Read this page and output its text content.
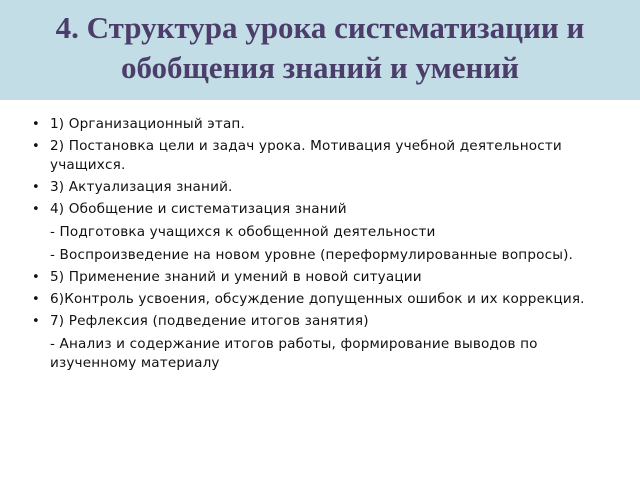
4. Структура урока систематизации и
обобщения знаний и умений
• 1) Организационный этап.
• 2) Постановка цели и задач урока. Мотивация учебной деятельности учащихся.
• 3) Актуализация знаний.
• 4) Обобщение и систематизация знаний
- Подготовка учащихся к обобщенной деятельности
- Воспроизведение на новом уровне (переформулированные вопросы).
• 5) Применение знаний и умений в новой ситуации
• 6)Контроль усвоения, обсуждение допущенных ошибок и их коррекция.
• 7) Рефлексия (подведение итогов занятия)
- Анализ и содержание итогов работы, формирование выводов по изученному материалу
